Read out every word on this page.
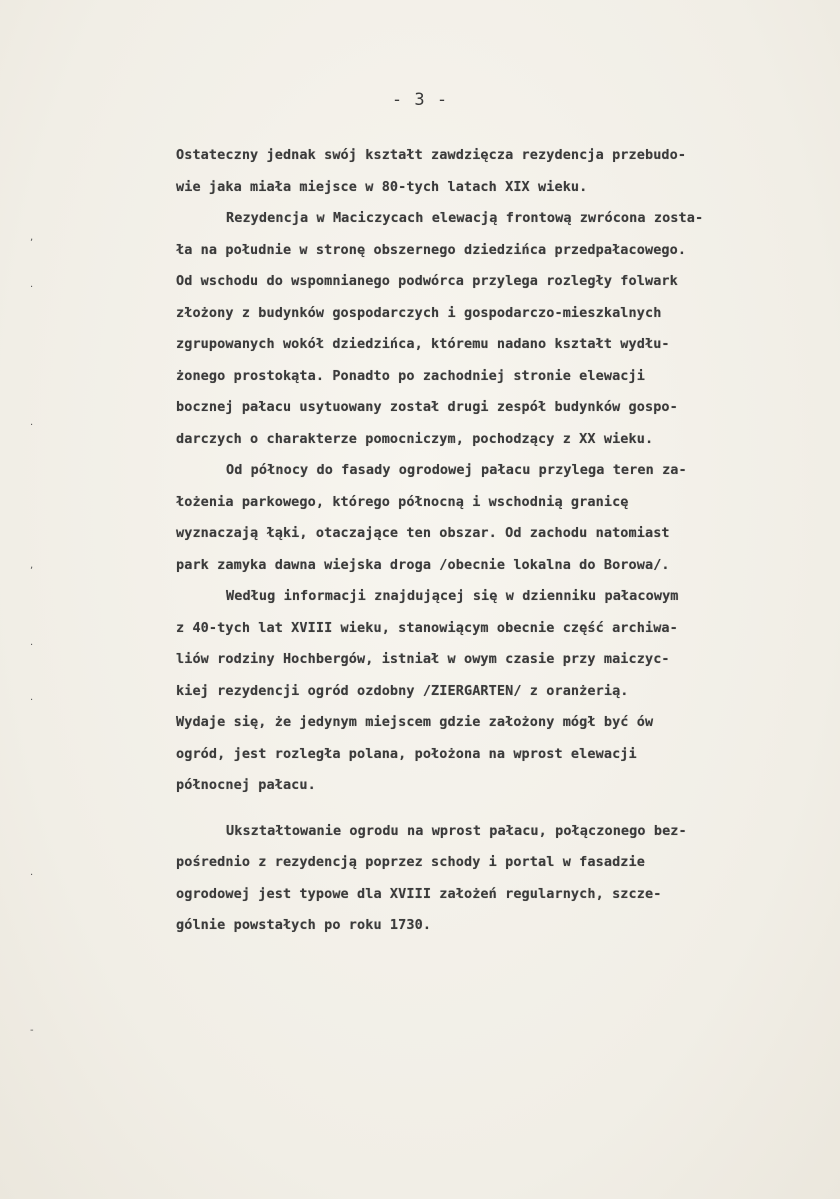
- 3 -
,
·
·
,
·
·
·
-
Ostateczny jednak swój kształt zawdzięcza rezydencja przebudo-
wie jaka miała miejsce w 80-tych latach XIX wieku.
Rezydencja w Maciczycach elewacją frontową zwrócona zosta-
ła na południe w stronę obszernego dziedzińca przedpałacowego.
Od wschodu do wspomnianego podwórca przylega rozległy folwark
złożony z budynków gospodarczych i gospodarczo-mieszkalnych
zgrupowanych wokół dziedzińca, któremu nadano kształt wydłu-
żonego prostokąta. Ponadto po zachodniej stronie elewacji
bocznej pałacu usytuowany został drugi zespół budynków gospo-
darczych o charakterze pomocniczym, pochodzący z XX wieku.
Od północy do fasady ogrodowej pałacu przylega teren za-
łożenia parkowego, którego północną i wschodnią granicę
wyznaczają łąki, otaczające ten obszar. Od zachodu natomiast
park zamyka dawna wiejska droga /obecnie lokalna do Borowa/.
Według informacji znajdującej się w dzienniku pałacowym
z 40-tych lat XVIII wieku, stanowiącym obecnie część archiwa-
liów rodziny Hochbergów, istniał w owym czasie przy maiczyc-
kiej rezydencji ogród ozdobny /ZIERGARTEN/ z oranżerią.
Wydaje się, że jedynym miejscem gdzie założony mógł być ów
ogród, jest rozległa polana, położona na wprost elewacji
północnej pałacu.
Ukształtowanie ogrodu na wprost pałacu, połączonego bez-
pośrednio z rezydencją poprzez schody i portal w fasadzie
ogrodowej jest typowe dla XVIII założeń regularnych, szcze-
gólnie powstałych po roku 1730.
